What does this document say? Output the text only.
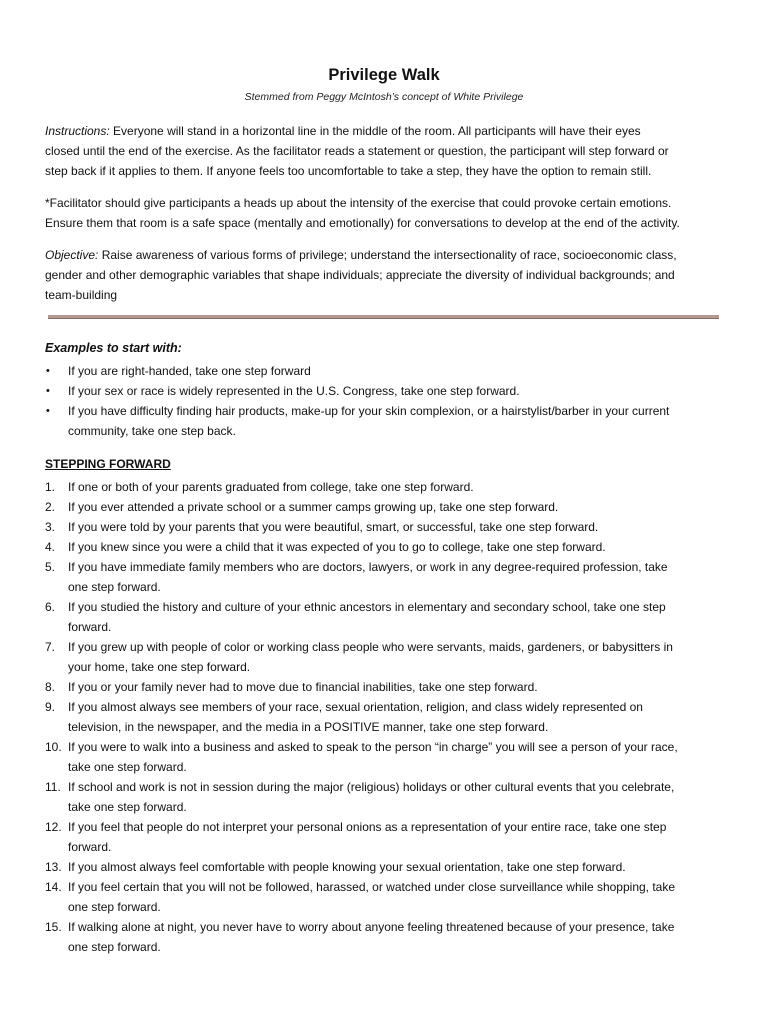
Privilege Walk
Stemmed from Peggy McIntosh’s concept of White Privilege
Instructions: Everyone will stand in a horizontal line in the middle of the room. All participants will have their eyes
closed until the end of the exercise. As the facilitator reads a statement or question, the participant will step forward or
step back if it applies to them. If anyone feels too uncomfortable to take a step, they have the option to remain still.
*Facilitator should give participants a heads up about the intensity of the exercise that could provoke certain emotions.
Ensure them that room is a safe space (mentally and emotionally) for conversations to develop at the end of the activity.
Objective: Raise awareness of various forms of privilege; understand the intersectionality of race, socioeconomic class,
gender and other demographic variables that shape individuals; appreciate the diversity of individual backgrounds; and
team-building
Examples to start with:
• If you are right-handed, take one step forward
• If your sex or race is widely represented in the U.S. Congress, take one step forward.
• If you have difficulty finding hair products, make-up for your skin complexion, or a hairstylist/barber in your current
community, take one step back.
STEPPING FORWARD
1. If one or both of your parents graduated from college, take one step forward.
2. If you ever attended a private school or a summer camps growing up, take one step forward.
3. If you were told by your parents that you were beautiful, smart, or successful, take one step forward.
4. If you knew since you were a child that it was expected of you to go to college, take one step forward.
5. If you have immediate family members who are doctors, lawyers, or work in any degree-required profession, take
one step forward.
6. If you studied the history and culture of your ethnic ancestors in elementary and secondary school, take one step
forward.
7. If you grew up with people of color or working class people who were servants, maids, gardeners, or babysitters in
your home, take one step forward.
8. If you or your family never had to move due to financial inabilities, take one step forward.
9. If you almost always see members of your race, sexual orientation, religion, and class widely represented on
television, in the newspaper, and the media in a POSITIVE manner, take one step forward.
10. If you were to walk into a business and asked to speak to the person “in charge” you will see a person of your race,
take one step forward.
11. If school and work is not in session during the major (religious) holidays or other cultural events that you celebrate,
take one step forward.
12. If you feel that people do not interpret your personal onions as a representation of your entire race, take one step
forward.
13. If you almost always feel comfortable with people knowing your sexual orientation, take one step forward.
14. If you feel certain that you will not be followed, harassed, or watched under close surveillance while shopping, take
one step forward.
15. If walking alone at night, you never have to worry about anyone feeling threatened because of your presence, take
one step forward.
